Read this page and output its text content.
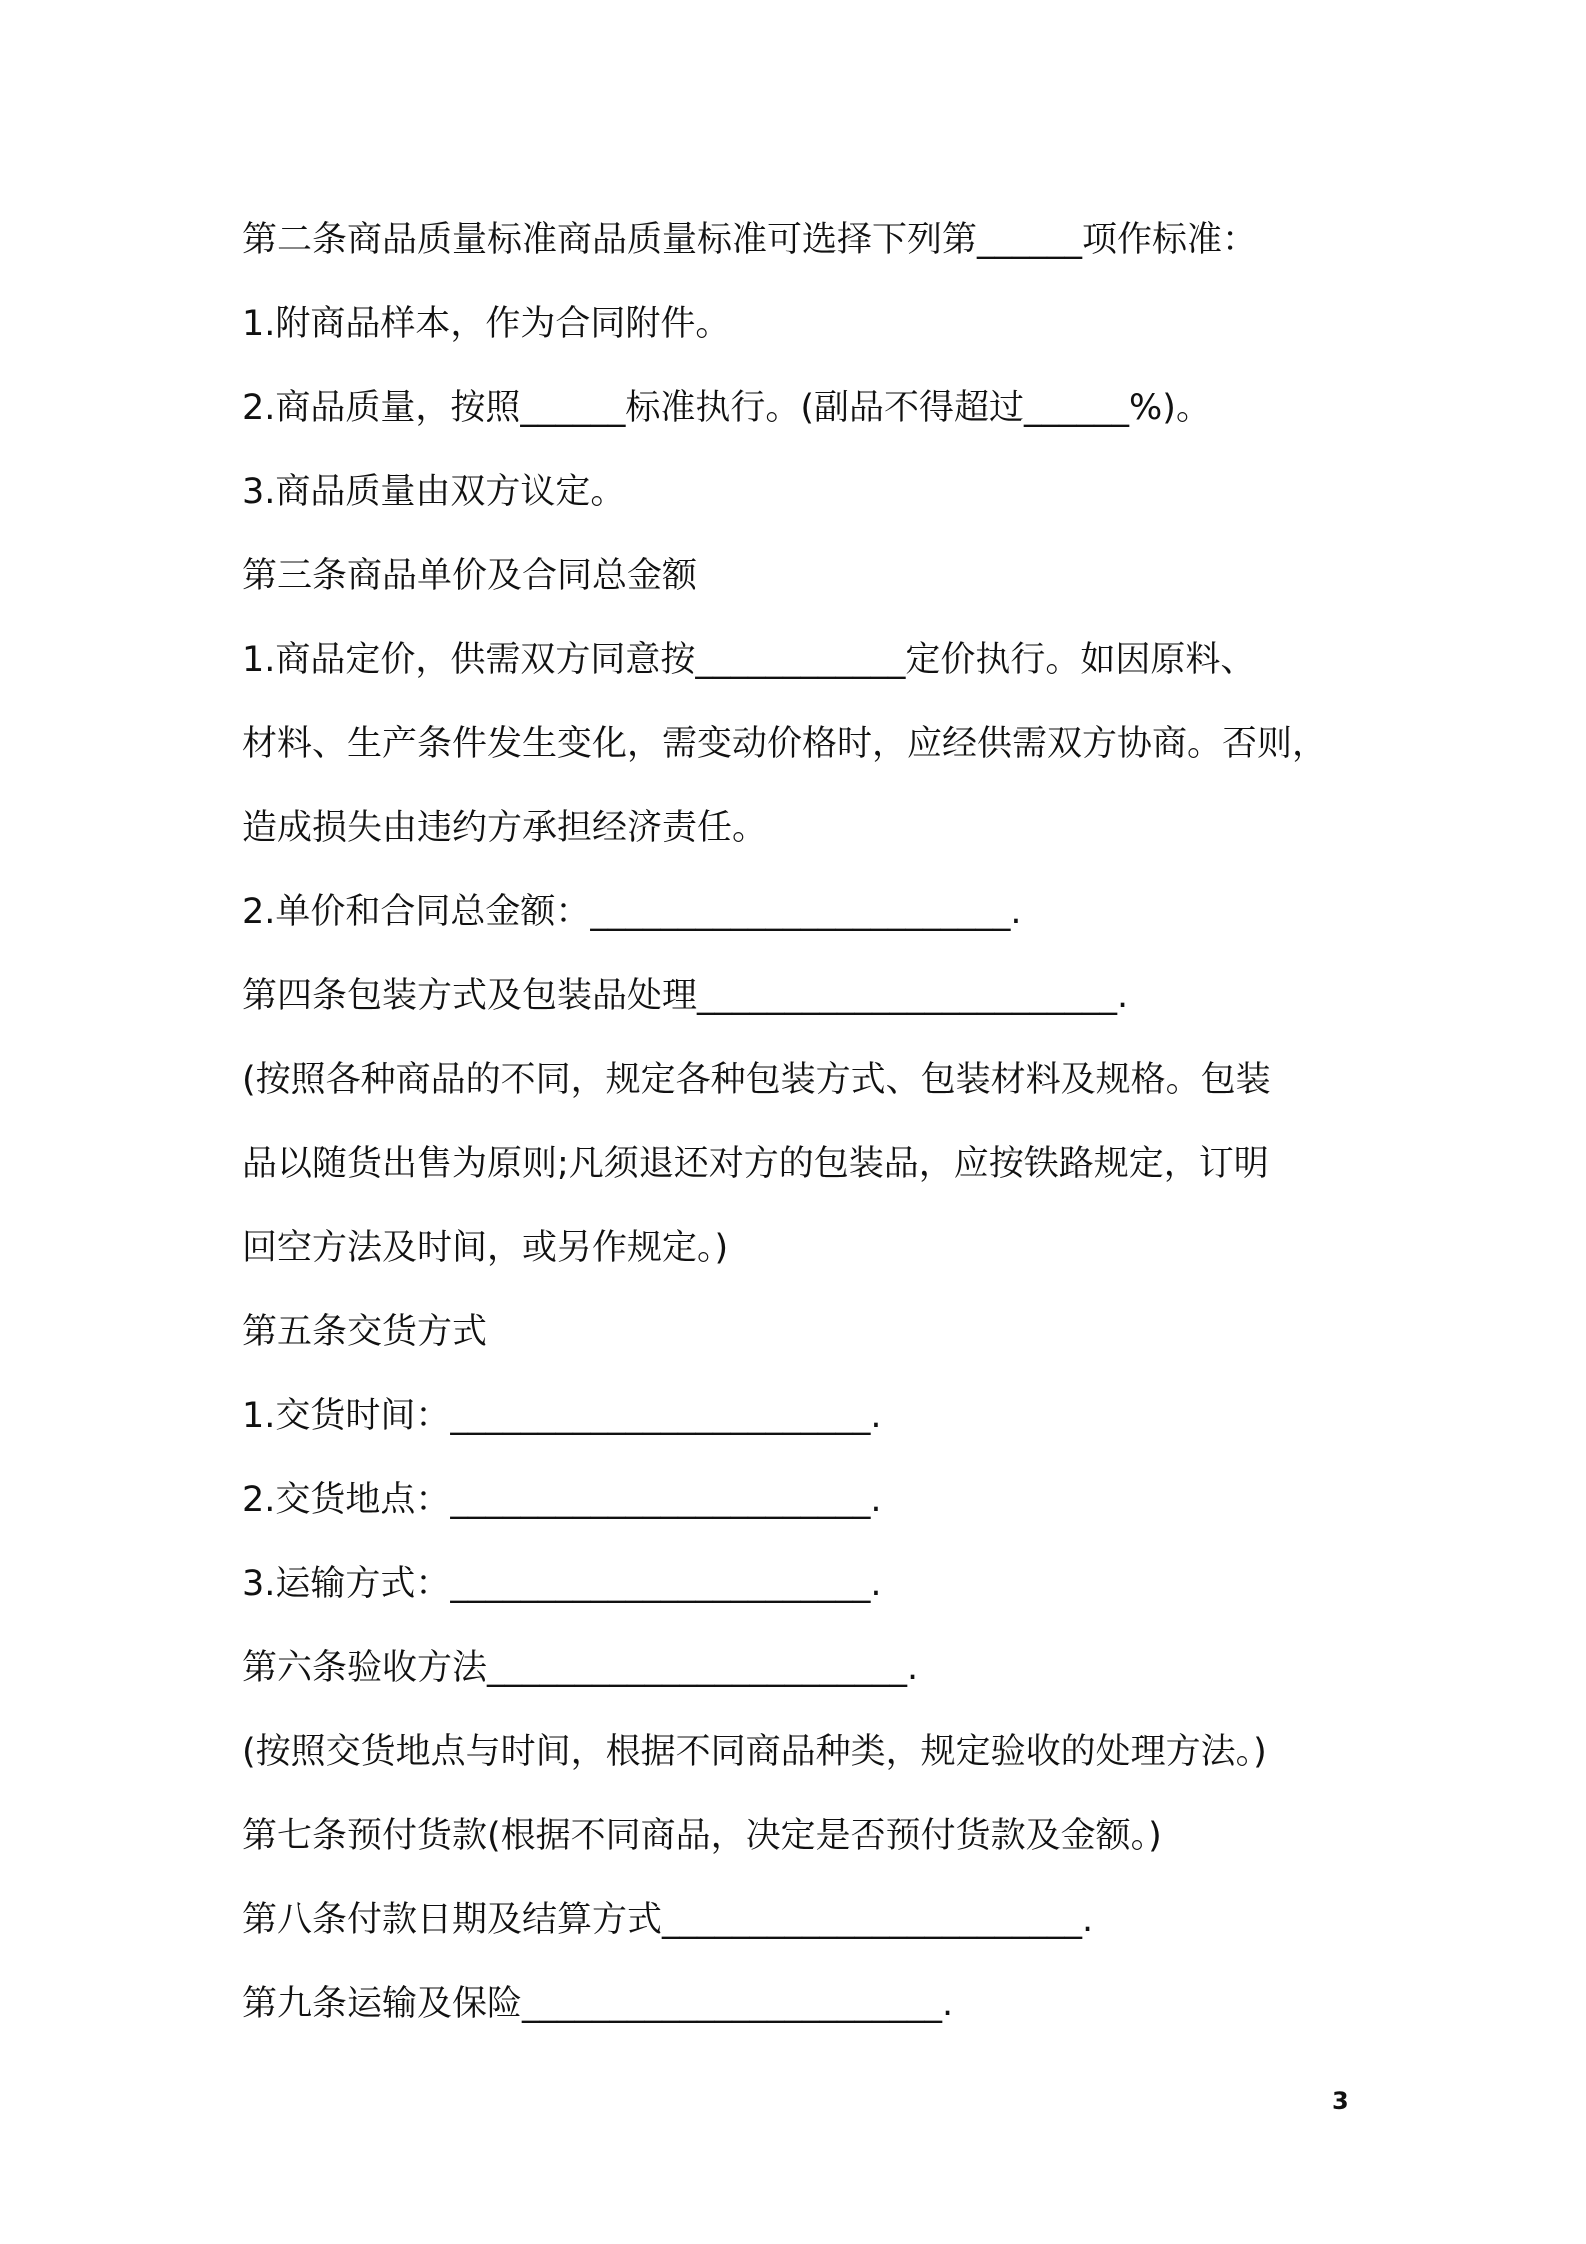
第二条商品质量标准商品质量标准可选择下列第______项作标准：
1.附商品样本，作为合同附件。
2.商品质量，按照______标准执行。(副品不得超过______%)。
3.商品质量由双方议定。
第三条商品单价及合同总金额
1.商品定价，供需双方同意按____________定价执行。如因原料、
材料、生产条件发生变化，需变动价格时，应经供需双方协商。否则，
造成损失由违约方承担经济责任。
2.单价和合同总金额：________________________.
第四条包装方式及包装品处理________________________.
(按照各种商品的不同，规定各种包装方式、包装材料及规格。包装
品以随货出售为原则;凡须退还对方的包装品，应按铁路规定，订明
回空方法及时间，或另作规定。)
第五条交货方式
1.交货时间：________________________.
2.交货地点：________________________.
3.运输方式：________________________.
第六条验收方法________________________.
(按照交货地点与时间，根据不同商品种类，规定验收的处理方法。)
第七条预付货款(根据不同商品，决定是否预付货款及金额。)
第八条付款日期及结算方式________________________.
第九条运输及保险________________________.
3
